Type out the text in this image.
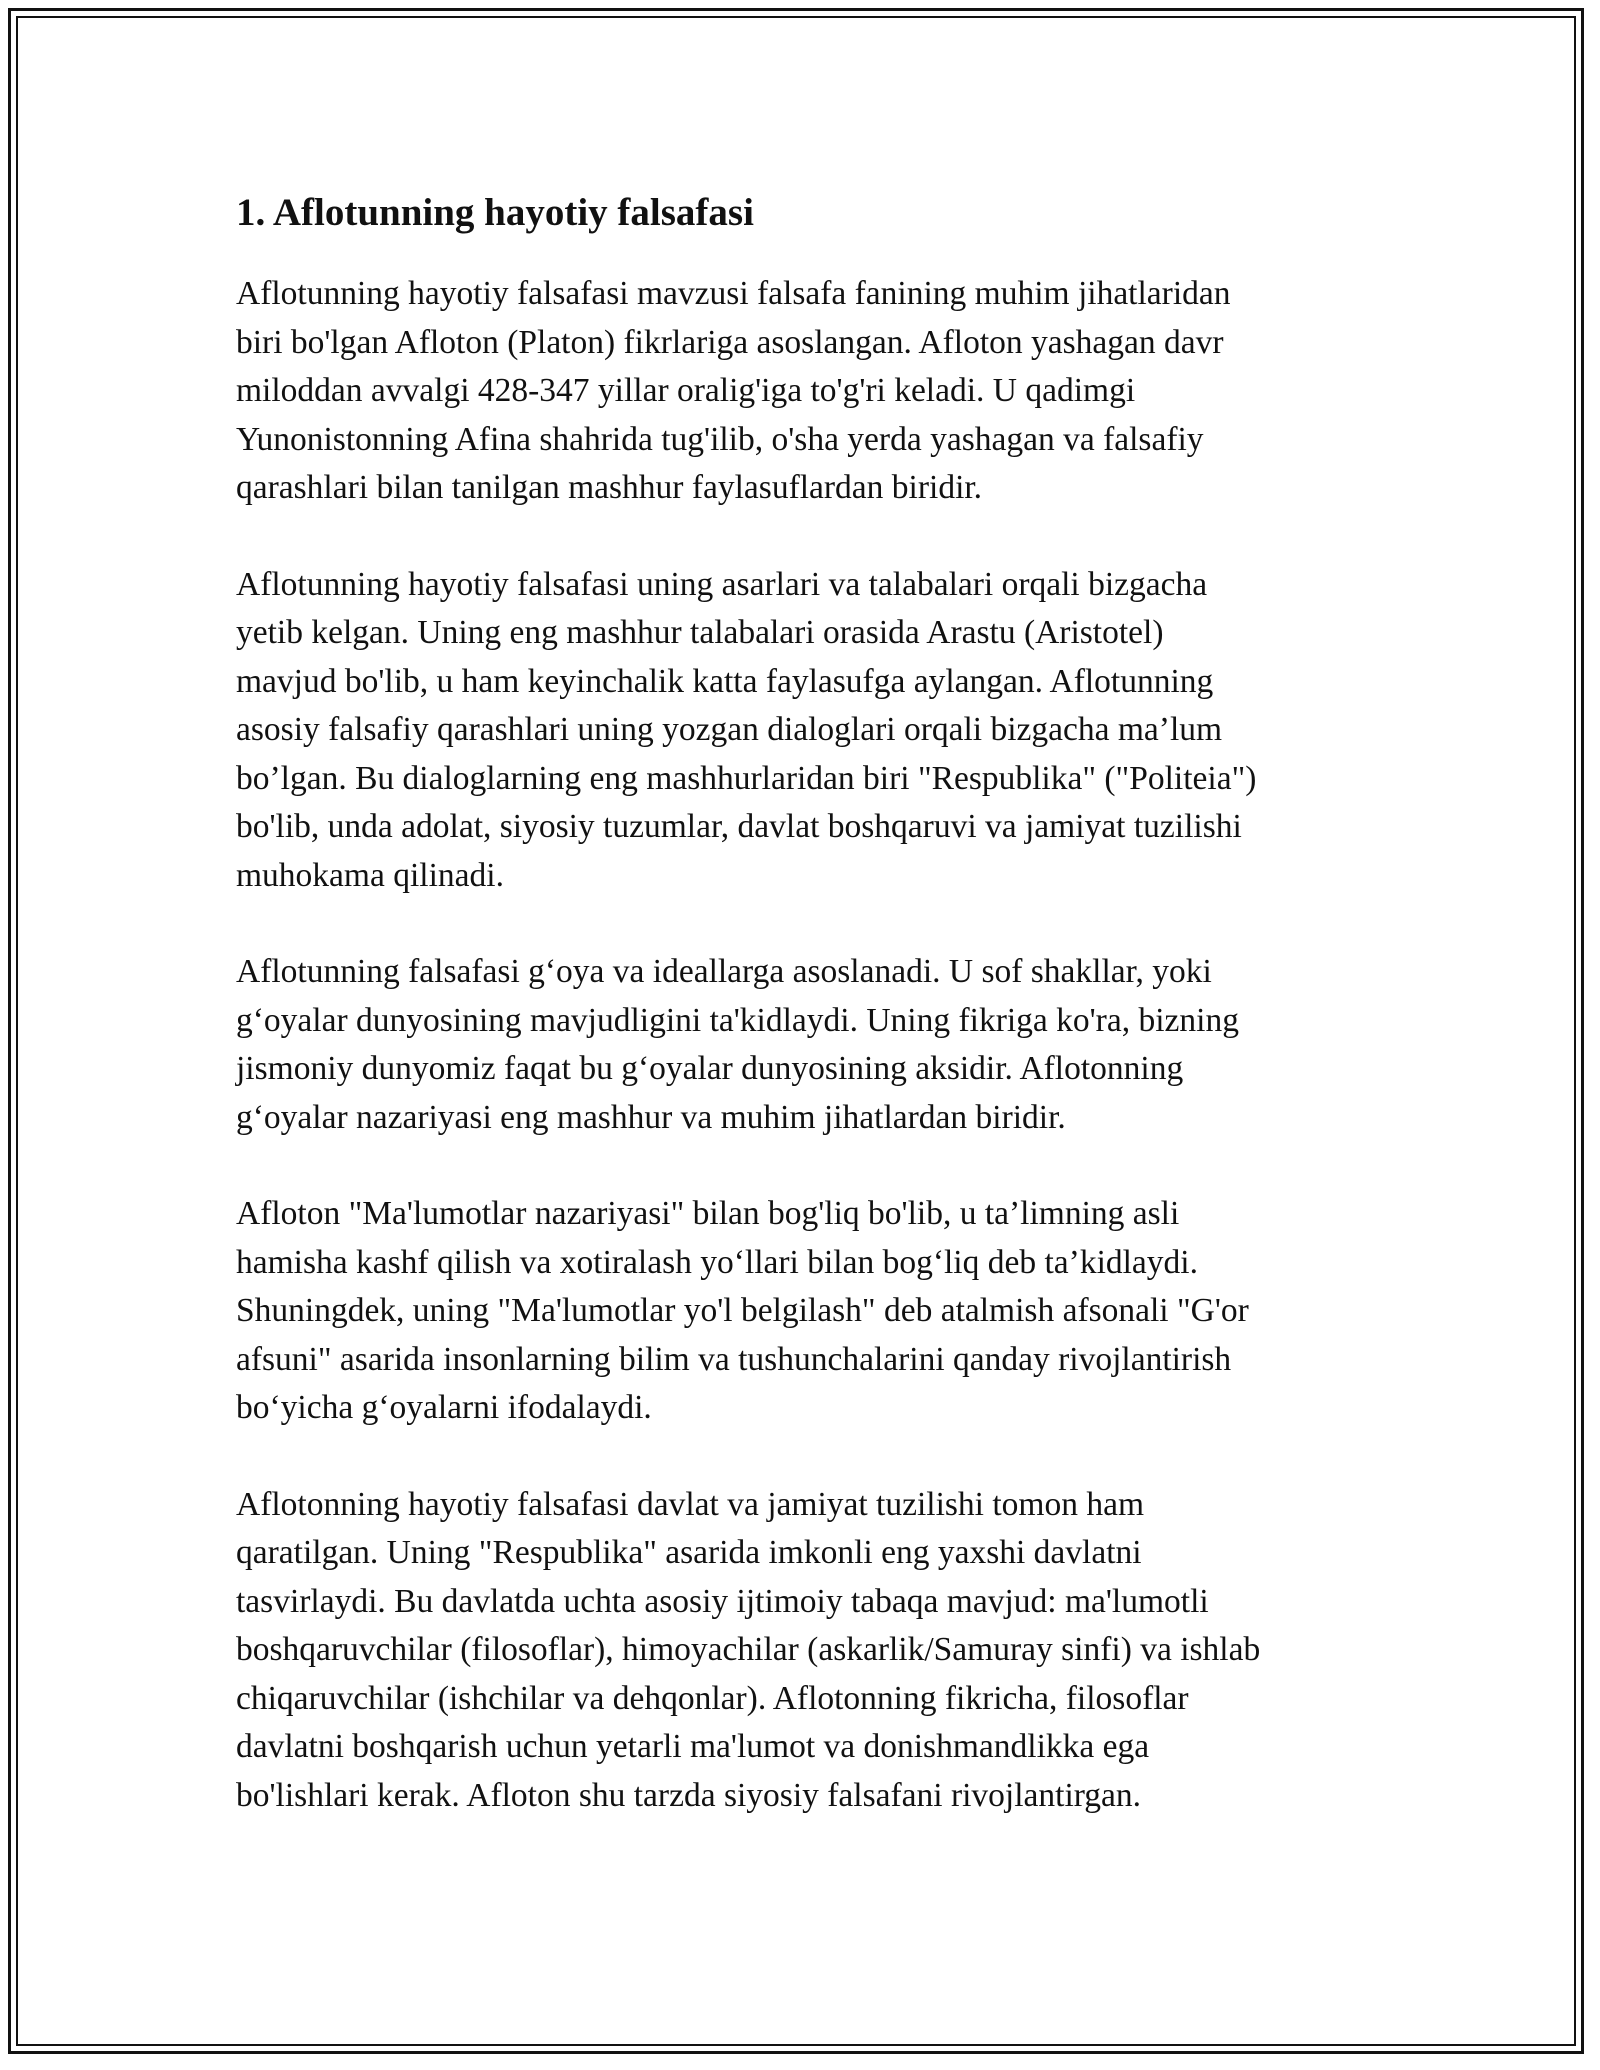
1. Aflotunning hayotiy falsafasi

Aflotunning hayotiy falsafasi mavzusi falsafa fanining muhim jihatlaridan
biri bo'lgan Afloton (Platon) fikrlariga asoslangan. Afloton yashagan davr
miloddan avvalgi 428-347 yillar oralig'iga to'g'ri keladi. U qadimgi
Yunonistonning Afina shahrida tug'ilib, o'sha yerda yashagan va falsafiy
qarashlari bilan tanilgan mashhur faylasuflardan biridir.

Aflotunning hayotiy falsafasi uning asarlari va talabalari orqali bizgacha
yetib kelgan. Uning eng mashhur talabalari orasida Arastu (Aristotel)
mavjud bo'lib, u ham keyinchalik katta faylasufga aylangan. Aflotunning
asosiy falsafiy qarashlari uning yozgan dialoglari orqali bizgacha ma’lum
bo’lgan. Bu dialoglarning eng mashhurlaridan biri "Respublika" ("Politeia")
bo'lib, unda adolat, siyosiy tuzumlar, davlat boshqaruvi va jamiyat tuzilishi
muhokama qilinadi.

Aflotunning falsafasi g‘oya va ideallarga asoslanadi. U sof shakllar, yoki
g‘oyalar dunyosining mavjudligini ta'kidlaydi. Uning fikriga ko'ra, bizning
jismoniy dunyomiz faqat bu g‘oyalar dunyosining aksidir. Aflotonning
g‘oyalar nazariyasi eng mashhur va muhim jihatlardan biridir.

Afloton "Ma'lumotlar nazariyasi" bilan bog'liq bo'lib, u ta’limning asli
hamisha kashf qilish va xotiralash yo‘llari bilan bog‘liq deb ta’kidlaydi.
Shuningdek, uning "Ma'lumotlar yo'l belgilash" deb atalmish afsonali "G'or
afsuni" asarida insonlarning bilim va tushunchalarini qanday rivojlantirish
bo‘yicha g‘oyalarni ifodalaydi.

Aflotonning hayotiy falsafasi davlat va jamiyat tuzilishi tomon ham
qaratilgan. Uning "Respublika" asarida imkonli eng yaxshi davlatni
tasvirlaydi. Bu davlatda uchta asosiy ijtimoiy tabaqa mavjud: ma'lumotli
boshqaruvchilar (filosoflar), himoyachilar (askarlik/Samuray sinfi) va ishlab
chiqaruvchilar (ishchilar va dehqonlar). Aflotonning fikricha, filosoflar
davlatni boshqarish uchun yetarli ma'lumot va donishmandlikka ega
bo'lishlari kerak. Afloton shu tarzda siyosiy falsafani rivojlantirgan.
